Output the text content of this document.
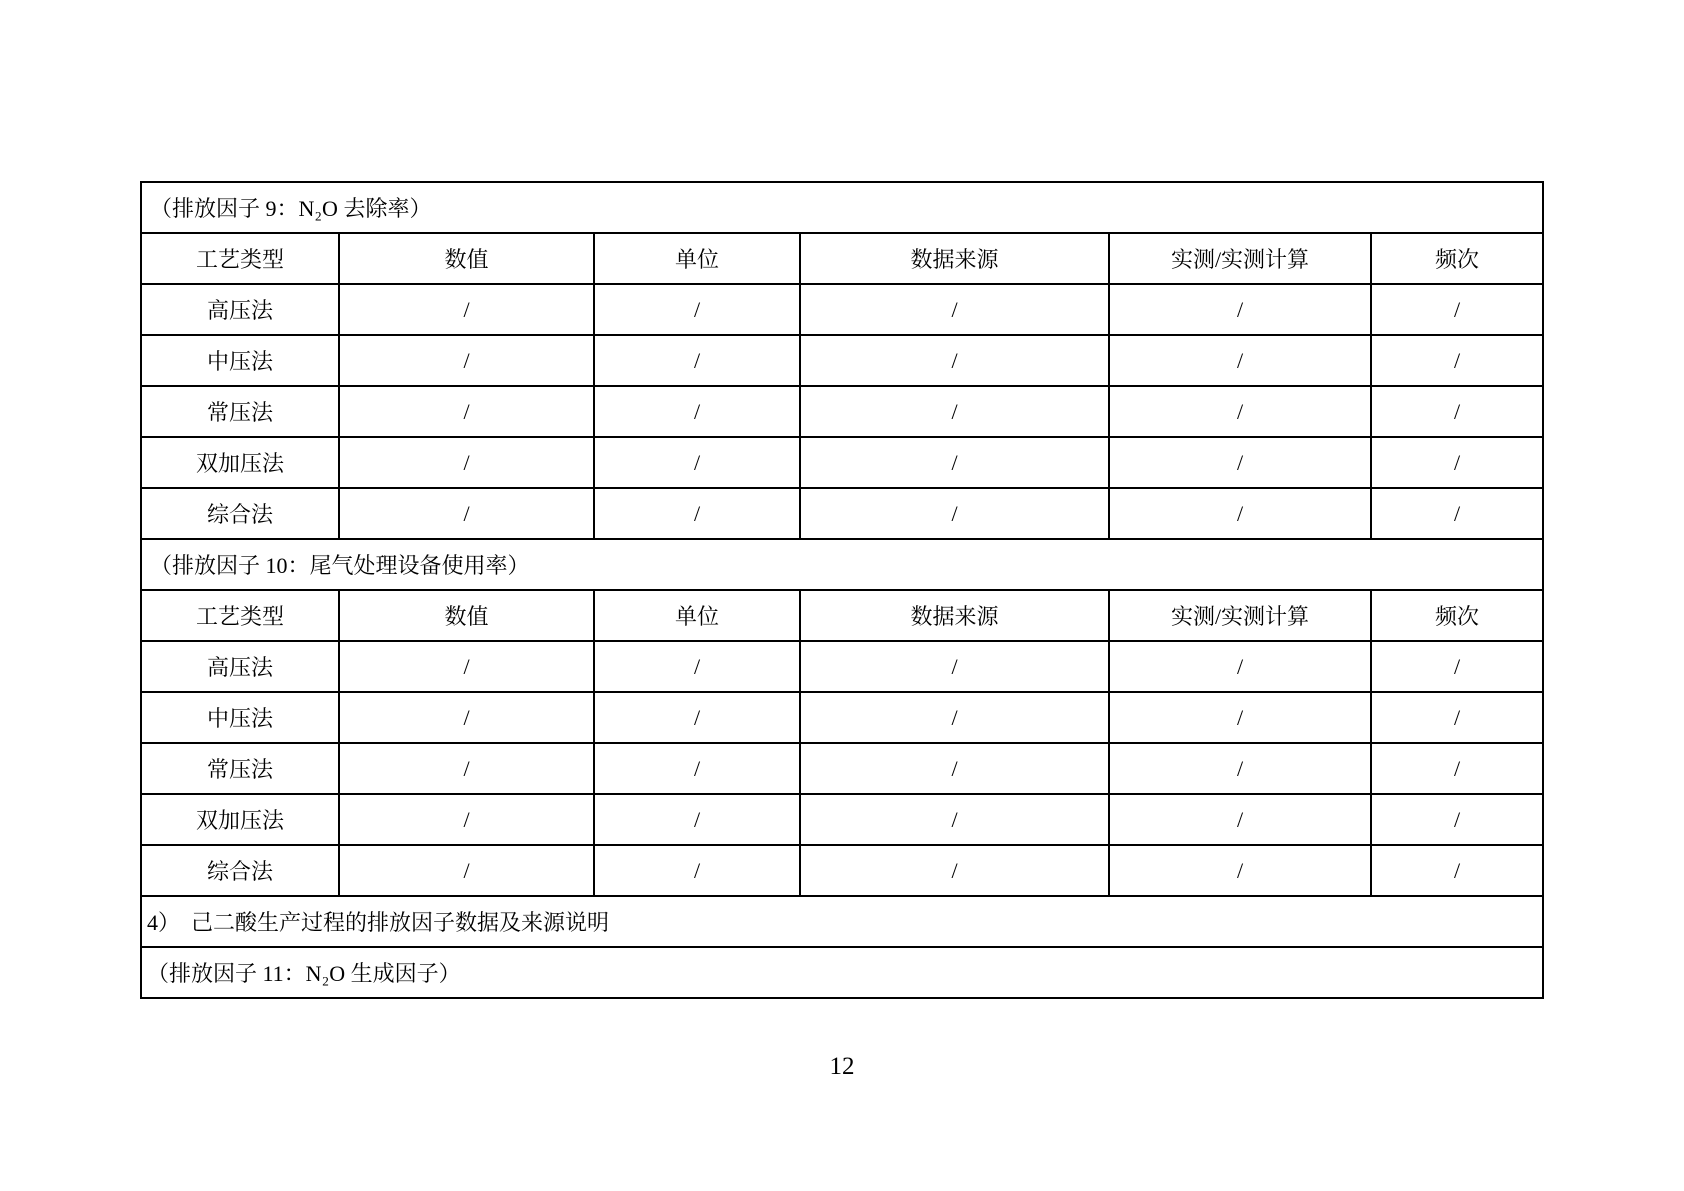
（排放因子 9：N₂O 去除率）					
工艺类型	数值	单位	数据来源	实测/实测计算	频次
高压法	/	/	/	/	/
中压法	/	/	/	/	/
常压法	/	/	/	/	/
双加压法	/	/	/	/	/
综合法	/	/	/	/	/
（排放因子 10：尾气处理设备使用率）					
工艺类型	数值	单位	数据来源	实测/实测计算	频次
高压法	/	/	/	/	/
中压法	/	/	/	/	/
常压法	/	/	/	/	/
双加压法	/	/	/	/	/
综合法	/	/	/	/	/
4）  己二酸生产过程的排放因子数据及来源说明					
（排放因子 11：N₂O 生成因子）					
12
